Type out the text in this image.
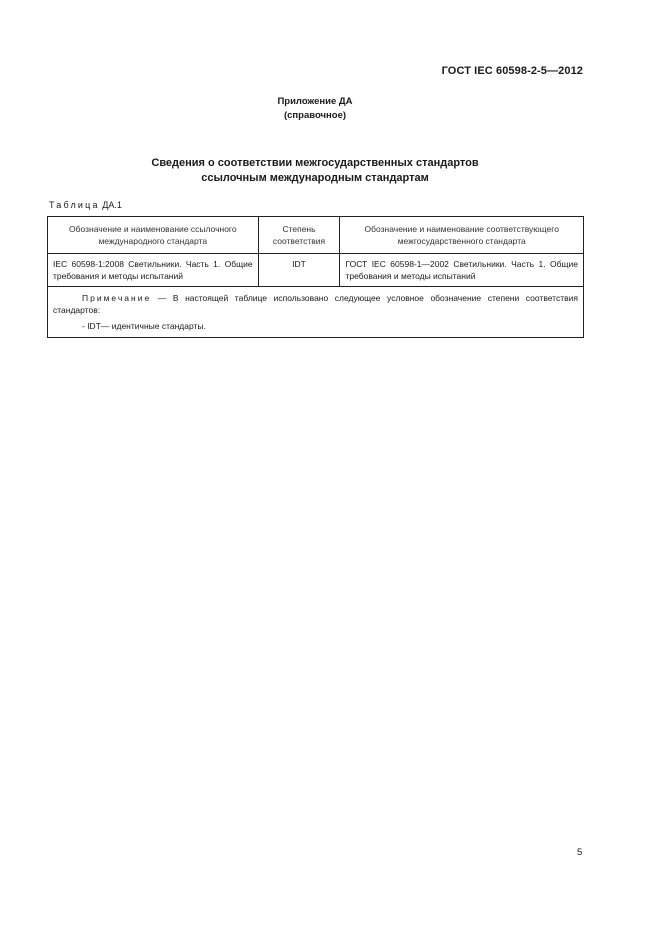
ГОСТ IEC 60598-2-5—2012
Приложение ДА
(справочное)
Сведения о соответствии межгосударственных стандартов
ссылочным международным стандартам
Таблица ДА.1
Обозначение и наименование ссылочного международного стандарта	Степень соответствия	Обозначение и наименование соответствующего межгосударственного стандарта
IEC 60598-1:2008 Светильники. Часть 1. Общие требования и методы испытаний	IDT	ГОСТ IEC 60598-1—2002 Светильники. Часть 1. Общие требования и методы испытаний

Примечание — В настоящей таблице использовано следующее условное обозначение степени соответствия стандартов:
- IDT— идентичные стандарты.		
5
